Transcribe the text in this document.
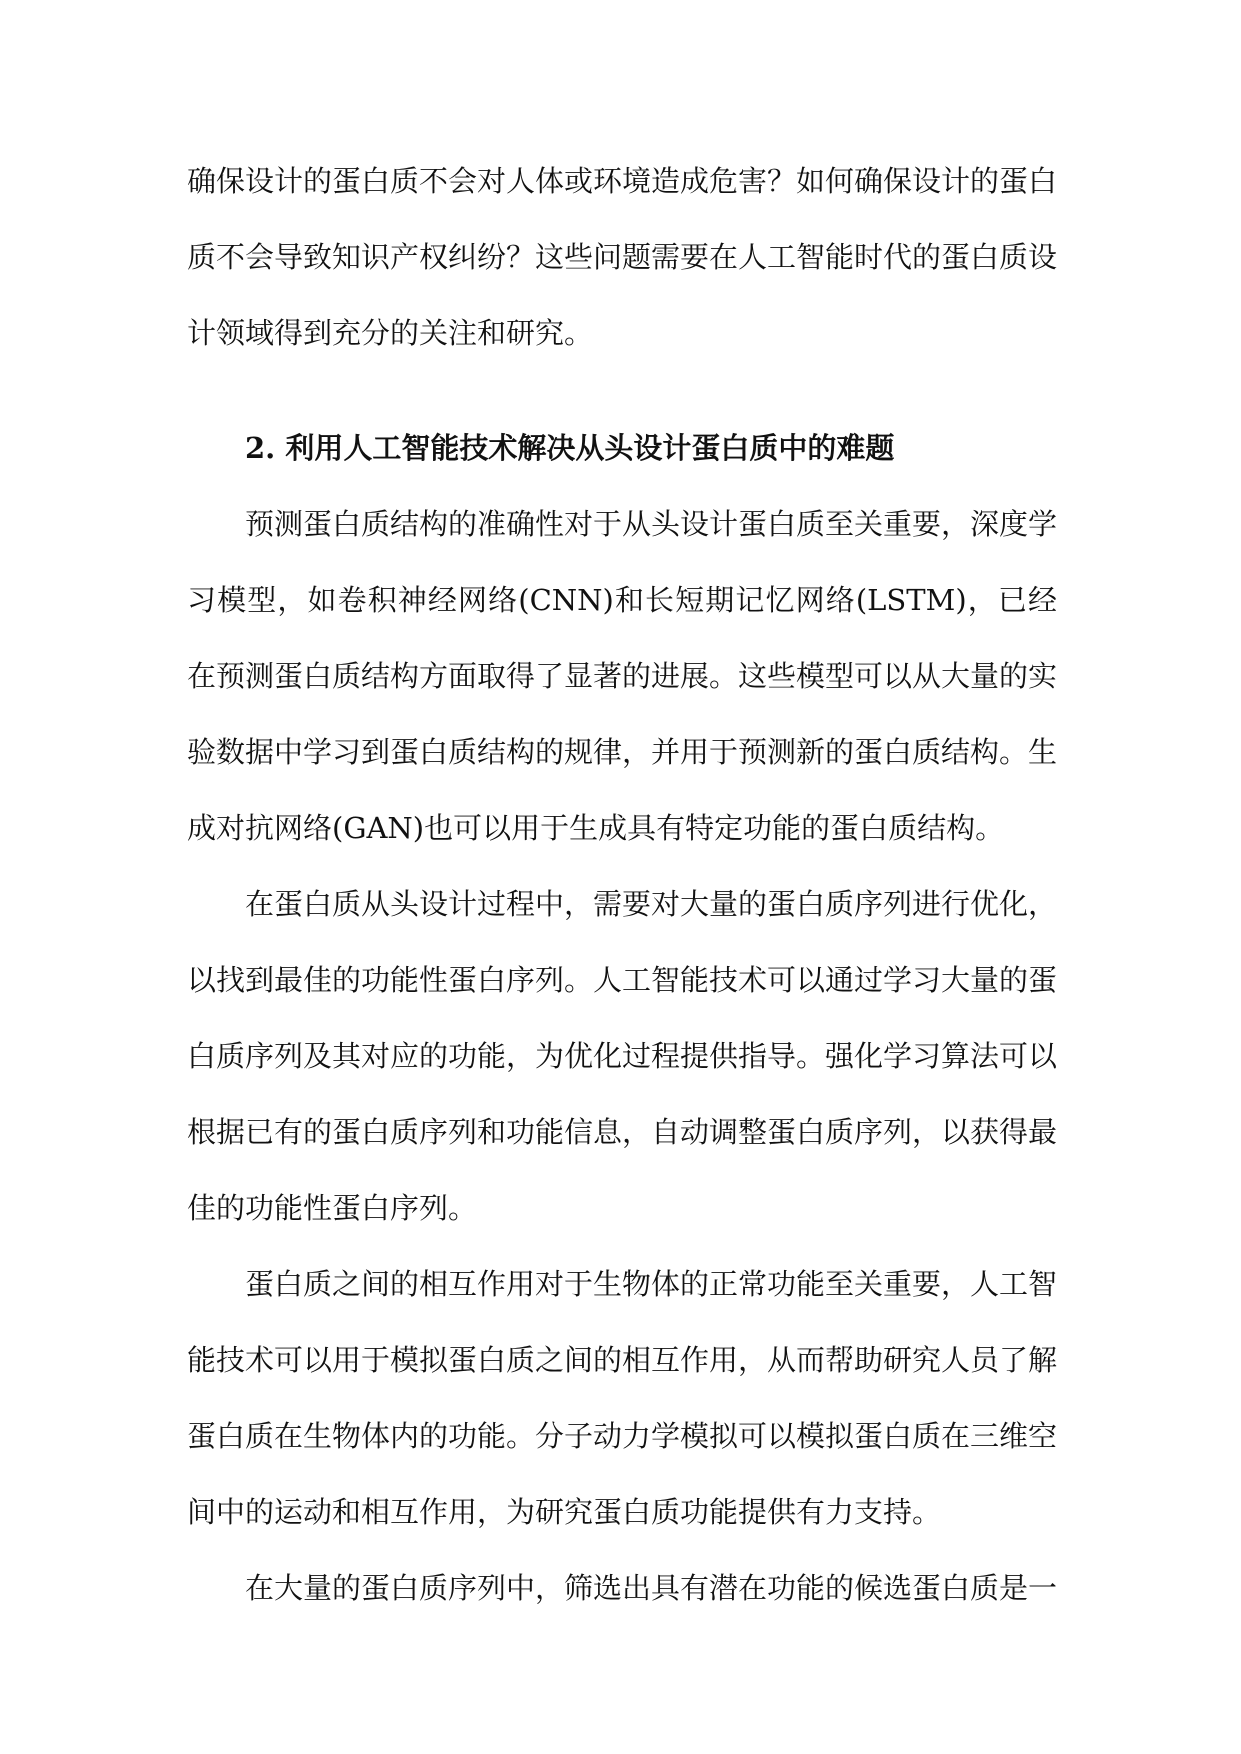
确保设计的蛋白质不会对人体或环境造成危害？如何确保设计的蛋白质不会导致知识产权纠纷？这些问题需要在人工智能时代的蛋白质设计领域得到充分的关注和研究。

2. 利用人工智能技术解决从头设计蛋白质中的难题

预测蛋白质结构的准确性对于从头设计蛋白质至关重要，深度学习模型，如卷积神经网络(CNN)和长短期记忆网络(LSTM)，已经在预测蛋白质结构方面取得了显著的进展。这些模型可以从大量的实验数据中学习到蛋白质结构的规律，并用于预测新的蛋白质结构。生成对抗网络(GAN)也可以用于生成具有特定功能的蛋白质结构。

在蛋白质从头设计过程中，需要对大量的蛋白质序列进行优化，以找到最佳的功能性蛋白序列。人工智能技术可以通过学习大量的蛋白质序列及其对应的功能，为优化过程提供指导。强化学习算法可以根据已有的蛋白质序列和功能信息，自动调整蛋白质序列，以获得最佳的功能性蛋白序列。

蛋白质之间的相互作用对于生物体的正常功能至关重要，人工智能技术可以用于模拟蛋白质之间的相互作用，从而帮助研究人员了解蛋白质在生物体内的功能。分子动力学模拟可以模拟蛋白质在三维空间中的运动和相互作用，为研究蛋白质功能提供有力支持。

在大量的蛋白质序列中，筛选出具有潜在功能的候选蛋白质是一
